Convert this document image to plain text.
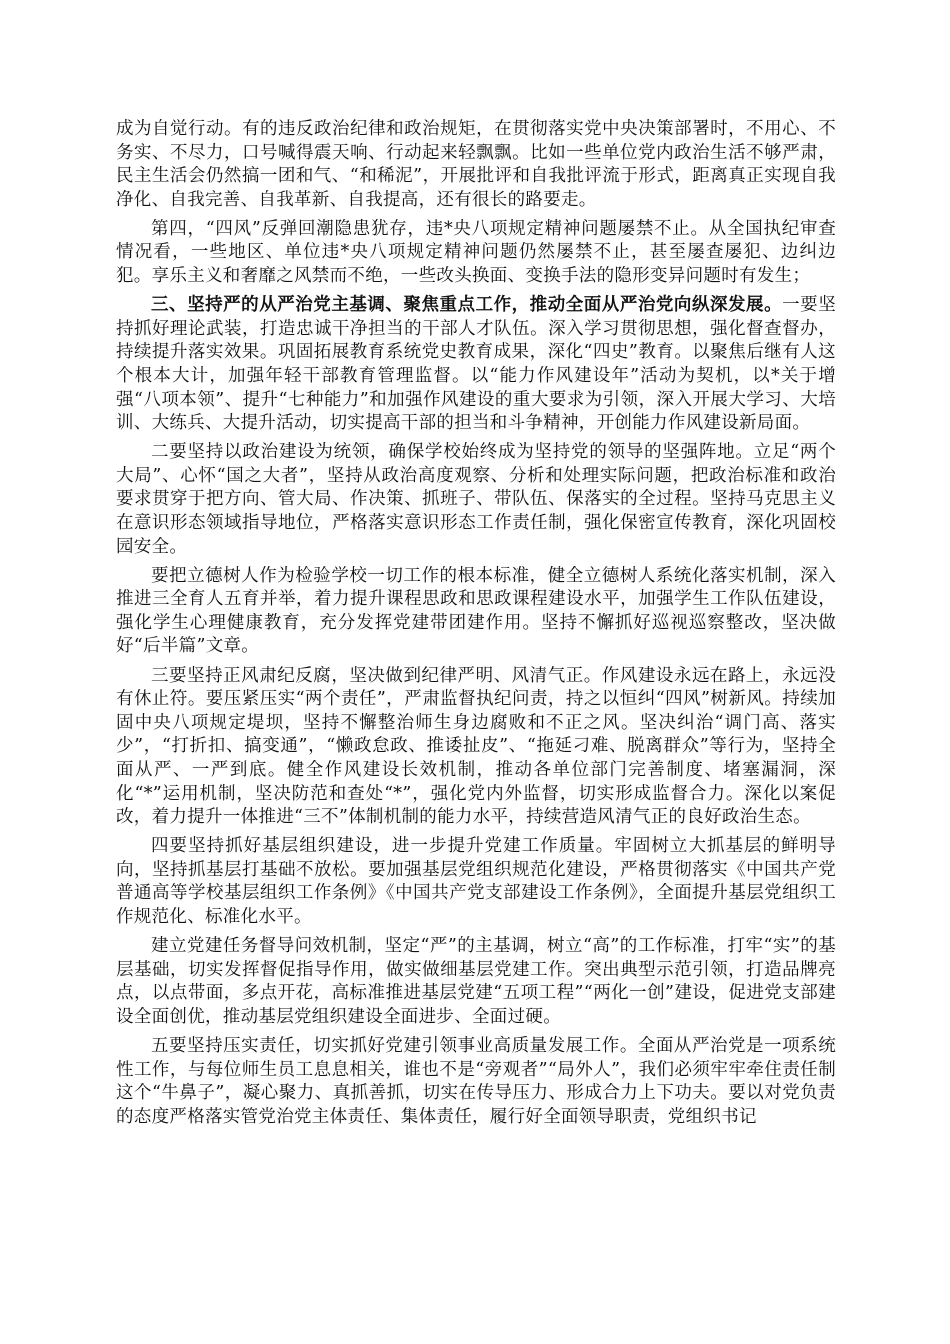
成为自觉行动。有的违反政治纪律和政治规矩，在贯彻落实党中央决策部署时，不用心、不务实、不尽力，口号喊得震天响、行动起来轻飘飘。比如一些单位党内政治生活不够严肃，民主生活会仍然搞一团和气、“和稀泥”，开展批评和自我批评流于形式，距离真正实现自我净化、自我完善、自我革新、自我提高，还有很长的路要走。

第四，“四风”反弹回潮隐患犹存，违*央八项规定精神问题屡禁不止。从全国执纪审查情况看，一些地区、单位违*央八项规定精神问题仍然屡禁不止，甚至屡查屡犯、边纠边犯。享乐主义和奢靡之风禁而不绝，一些改头换面、变换手法的隐形变异问题时有发生；

三、坚持严的从严治党主基调、聚焦重点工作，推动全面从严治党向纵深发展。一要坚持抓好理论武装，打造忠诚干净担当的干部人才队伍。深入学习贯彻思想，强化督查督办，持续提升落实效果。巩固拓展教育系统党史教育成果，深化“四史”教育。以聚焦后继有人这个根本大计，加强年轻干部教育管理监督。以“能力作风建设年”活动为契机，以*关于增强“八项本领”、提升“七种能力”和加强作风建设的重大要求为引领，深入开展大学习、大培训、大练兵、大提升活动，切实提高干部的担当和斗争精神，开创能力作风建设新局面。

二要坚持以政治建设为统领，确保学校始终成为坚持党的领导的坚强阵地。立足“两个大局”、心怀“国之大者”，坚持从政治高度观察、分析和处理实际问题，把政治标准和政治要求贯穿于把方向、管大局、作决策、抓班子、带队伍、保落实的全过程。坚持马克思主义在意识形态领域指导地位，严格落实意识形态工作责任制，强化保密宣传教育，深化巩固校园安全。

要把立德树人作为检验学校一切工作的根本标准，健全立德树人系统化落实机制，深入推进三全育人五育并举，着力提升课程思政和思政课程建设水平，加强学生工作队伍建设，强化学生心理健康教育，充分发挥党建带团建作用。坚持不懈抓好巡视巡察整改，坚决做好“后半篇”文章。

三要坚持正风肃纪反腐，坚决做到纪律严明、风清气正。作风建设永远在路上，永远没有休止符。要压紧压实“两个责任”，严肃监督执纪问责，持之以恒纠“四风”树新风。持续加固中央八项规定堤坝，坚持不懈整治师生身边腐败和不正之风。坚决纠治“调门高、落实少”，“打折扣、搞变通”，“懒政怠政、推诿扯皮”、“拖延刁难、脱离群众”等行为，坚持全面从严、一严到底。健全作风建设长效机制，推动各单位部门完善制度、堵塞漏洞，深化“*”运用机制，坚决防范和查处“*”，强化党内外监督，切实形成监督合力。深化以案促改，着力提升一体推进“三不”体制机制的能力水平，持续营造风清气正的良好政治生态。

四要坚持抓好基层组织建设，进一步提升党建工作质量。牢固树立大抓基层的鲜明导向，坚持抓基层打基础不放松。要加强基层党组织规范化建设，严格贯彻落实《中国共产党普通高等学校基层组织工作条例》《中国共产党支部建设工作条例》，全面提升基层党组织工作规范化、标准化水平。

建立党建任务督导问效机制，坚定“严”的主基调，树立“高”的工作标准，打牢“实”的基层基础，切实发挥督促指导作用，做实做细基层党建工作。突出典型示范引领，打造品牌亮点，以点带面，多点开花，高标准推进基层党建“五项工程”“两化一创”建设，促进党支部建设全面创优，推动基层党组织建设全面进步、全面过硬。

五要坚持压实责任，切实抓好党建引领事业高质量发展工作。全面从严治党是一项系统性工作，与每位师生员工息息相关，谁也不是“旁观者”“局外人”，我们必须牢牢牵住责任制这个“牛鼻子”，凝心聚力、真抓善抓，切实在传导压力、形成合力上下功夫。要以对党负责的态度严格落实管党治党主体责任、集体责任，履行好全面领导职责，党组织书记
